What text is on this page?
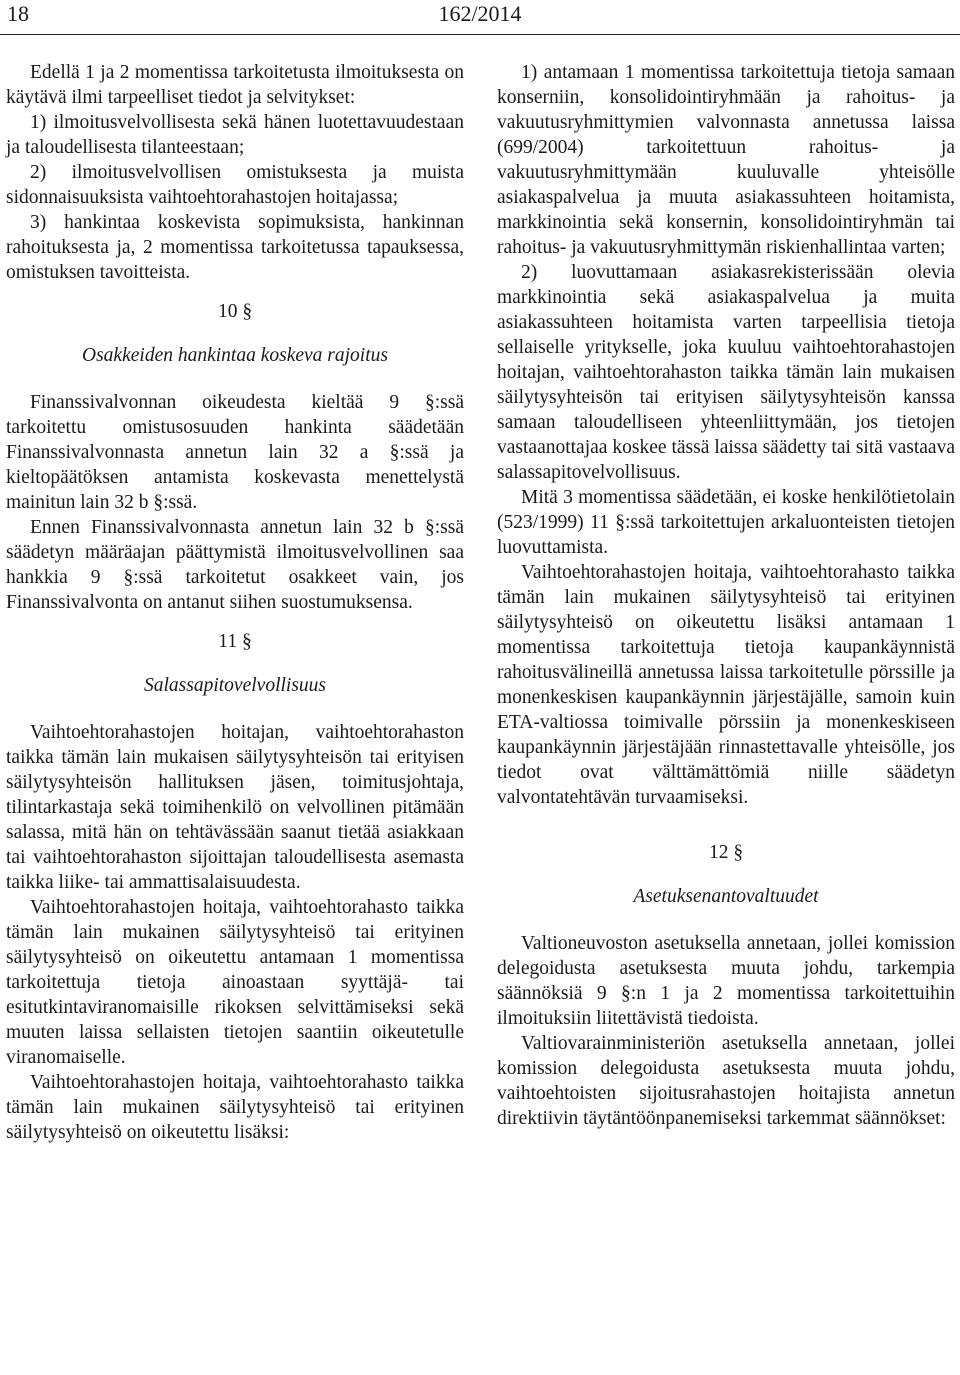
18	162/2014

Edellä 1 ja 2 momentissa tarkoitetusta ilmoituksesta on käytävä ilmi tarpeelliset tiedot ja selvitykset:

1) ilmoitusvelvollisesta sekä hänen luotettavuudestaan ja taloudellisesta tilanteestaan;

2) ilmoitusvelvollisen omistuksesta ja muista sidonnaisuuksista vaihtoehtorahastojen hoitajassa;

3) hankintaa koskevista sopimuksista, hankinnan rahoituksesta ja, 2 momentissa tarkoitetussa tapauksessa, omistuksen tavoitteista.

10 §

Osakkeiden hankintaa koskeva rajoitus

Finanssivalvonnan oikeudesta kieltää 9 §:ssä tarkoitettu omistusosuuden hankinta säädetään Finanssivalvonnasta annetun lain 32 a §:ssä ja kieltopäätöksen antamista koskevasta menettelystä mainitun lain 32 b §:ssä.

Ennen Finanssivalvonnasta annetun lain 32 b §:ssä säädetyn määräajan päättymistä ilmoitusvelvollinen saa hankkia 9 §:ssä tarkoitetut osakkeet vain, jos Finanssivalvonta on antanut siihen suostumuksensa.

11 §

Salassapitovelvollisuus

Vaihtoehtorahastojen hoitajan, vaihtoehtorahaston taikka tämän lain mukaisen säilytysyhteisön tai erityisen säilytysyhteisön hallituksen jäsen, toimitusjohtaja, tilintarkastaja sekä toimihenkilö on velvollinen pitämään salassa, mitä hän on tehtävässään saanut tietää asiakkaan tai vaihtoehtorahaston sijoittajan taloudellisesta asemasta taikka liike- tai ammattisalaisuudesta.

Vaihtoehtorahastojen hoitaja, vaihtoehtorahasto taikka tämän lain mukainen säilytysyhteisö tai erityinen säilytysyhteisö on oikeutettu antamaan 1 momentissa tarkoitettuja tietoja ainoastaan syyttäjä- tai esitutkintaviranomaisille rikoksen selvittämiseksi sekä muuten laissa sellaisten tietojen saantiin oikeutetulle viranomaiselle.

Vaihtoehtorahastojen hoitaja, vaihtoehtorahasto taikka tämän lain mukainen säilytysyhteisö tai erityinen säilytysyhteisö on oikeutettu lisäksi:

1) antamaan 1 momentissa tarkoitettuja tietoja samaan konserniin, konsolidointiryhmään ja rahoitus- ja vakuutusryhmittymien valvonnasta annetussa laissa (699/2004) tarkoitettuun rahoitus- ja vakuutusryhmittymään kuuluvalle yhteisölle asiakaspalvelua ja muuta asiakassuhteen hoitamista, markkinointia sekä konsernin, konsolidointiryhmän tai rahoitus- ja vakuutusryhmittymän riskienhallintaa varten;

2) luovuttamaan asiakasrekisterissään olevia markkinointia sekä asiakaspalvelua ja muita asiakassuhteen hoitamista varten tarpeellisia tietoja sellaiselle yritykselle, joka kuuluu vaihtoehtorahastojen hoitajan, vaihtoehtorahaston taikka tämän lain mukaisen säilytysyhteisön tai erityisen säilytysyhteisön kanssa samaan taloudelliseen yhteenliittymään, jos tietojen vastaanottajaa koskee tässä laissa säädetty tai sitä vastaava salassapitovelvollisuus.

Mitä 3 momentissa säädetään, ei koske henkilötietolain (523/1999) 11 §:ssä tarkoitettujen arkaluonteisten tietojen luovuttamista.

Vaihtoehtorahastojen hoitaja, vaihtoehtorahasto taikka tämän lain mukainen säilytysyhteisö tai erityinen säilytysyhteisö on oikeutettu lisäksi antamaan 1 momentissa tarkoitettuja tietoja kaupankäynnistä rahoitusvälineillä annetussa laissa tarkoitetulle pörssille ja monenkeskisen kaupankäynnin järjestäjälle, samoin kuin ETA-valtiossa toimivalle pörssiin ja monenkeskiseen kaupankäynnin järjestäjään rinnastettavalle yhteisölle, jos tiedot ovat välttämättömiä niille säädetyn valvontatehtävän turvaamiseksi.

12 §

Asetuksenantovaltuudet

Valtioneuvoston asetuksella annetaan, jollei komission delegoidusta asetuksesta muuta johdu, tarkempia säännöksiä 9 §:n 1 ja 2 momentissa tarkoitettuihin ilmoituksiin liitettävistä tiedoista.

Valtiovarainministeriön asetuksella annetaan, jollei komission delegoidusta asetuksesta muuta johdu, vaihtoehtoisten sijoitusrahastojen hoitajista annetun direktiivin täytäntöönpanemiseksi tarkemmat säännökset:
